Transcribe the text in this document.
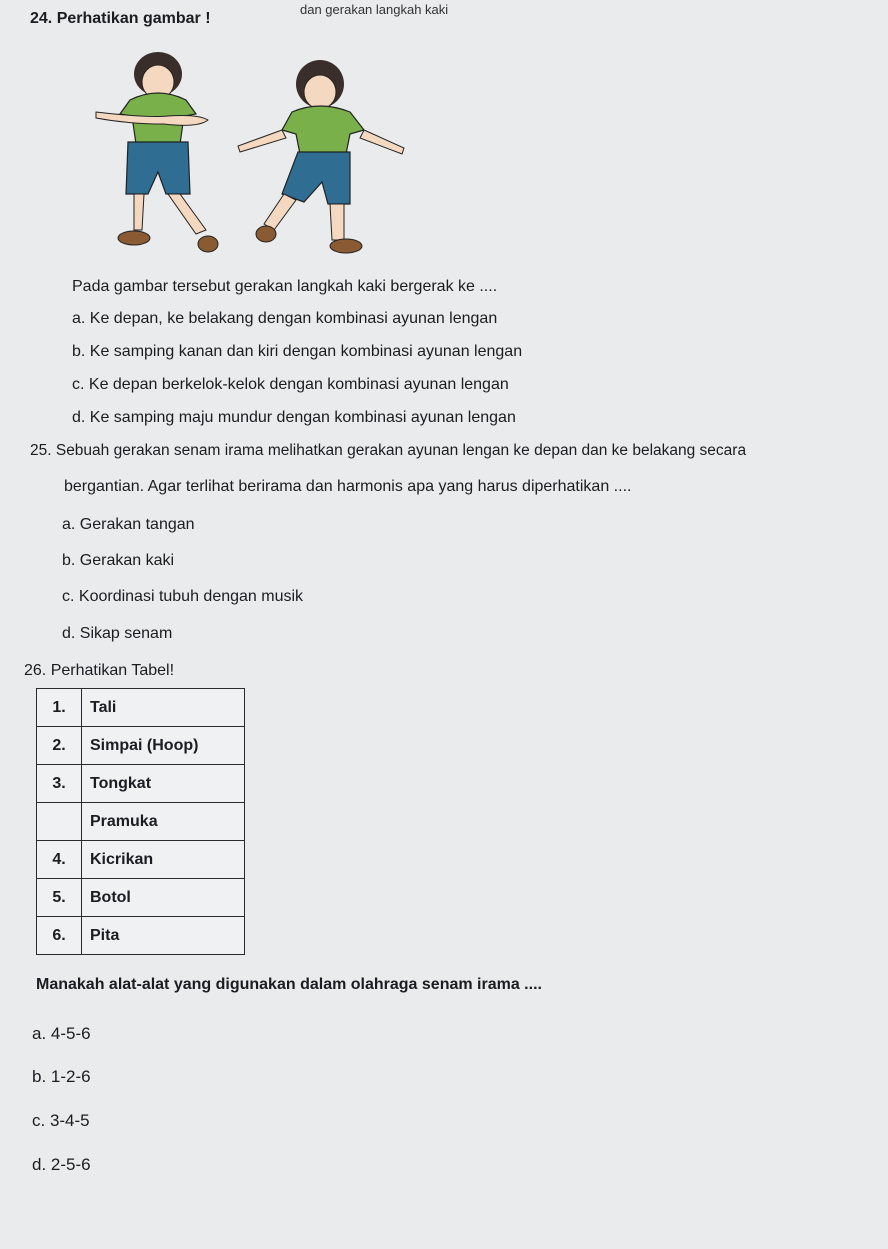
dan gerakan langkah kaki
24. Perhatikan gambar !
Pada gambar tersebut gerakan langkah kaki bergerak ke ....
a. Ke depan, ke belakang dengan kombinasi ayunan lengan
b. Ke samping kanan dan kiri dengan kombinasi ayunan lengan
c. Ke depan berkelok-kelok dengan kombinasi ayunan lengan
d. Ke samping maju mundur dengan kombinasi ayunan lengan
25. Sebuah gerakan senam irama melihatkan gerakan ayunan lengan ke depan dan ke belakang secara
bergantian. Agar terlihat berirama dan harmonis apa yang harus diperhatikan ....
a. Gerakan tangan
b. Gerakan kaki
c. Koordinasi tubuh dengan musik
d. Sikap senam
26. Perhatikan Tabel!
1.	Tali
2.	Simpai (Hoop)
3.	Tongkat
	Pramuka
4.	Kicrikan
5.	Botol
6.	Pita
Manakah alat-alat yang digunakan dalam olahraga senam irama ....
a. 4-5-6
b. 1-2-6
c. 3-4-5
d. 2-5-6
